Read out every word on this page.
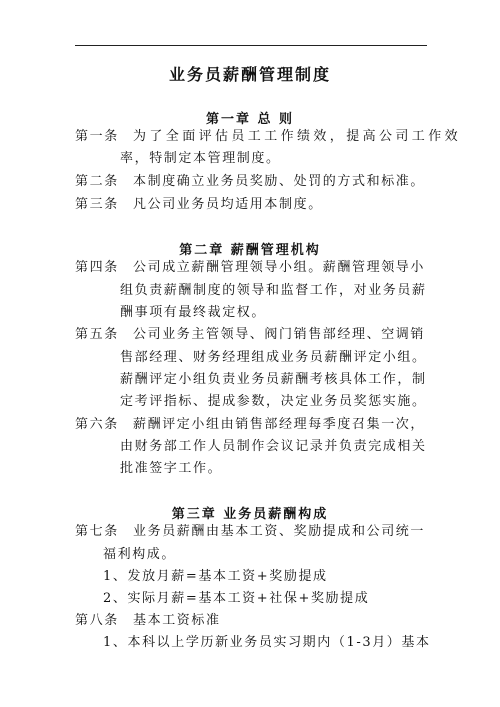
业务员薪酬管理制度
第一章 总 则
第一条 为了全面评估员工工作绩效，提高公司工作效
率，特制定本管理制度。
第二条 本制度确立业务员奖励、处罚的方式和标准。
第三条 凡公司业务员均适用本制度。
第二章 薪酬管理机构
第四条 公司成立薪酬管理领导小组。薪酬管理领导小
组负责薪酬制度的领导和监督工作，对业务员薪
酬事项有最终裁定权。
第五条 公司业务主管领导、阀门销售部经理、空调销
售部经理、财务经理组成业务员薪酬评定小组。
薪酬评定小组负责业务员薪酬考核具体工作，制
定考评指标、提成参数，决定业务员奖惩实施。
第六条 薪酬评定小组由销售部经理每季度召集一次，
由财务部工作人员制作会议记录并负责完成相关
批准签字工作。
第三章 业务员薪酬构成
第七条 业务员薪酬由基本工资、奖励提成和公司统一
福利构成。
1、发放月薪=基本工资+奖励提成
2、实际月薪=基本工资+社保+奖励提成
第八条 基本工资标准
1、本科以上学历新业务员实习期内（1-3月）基本
